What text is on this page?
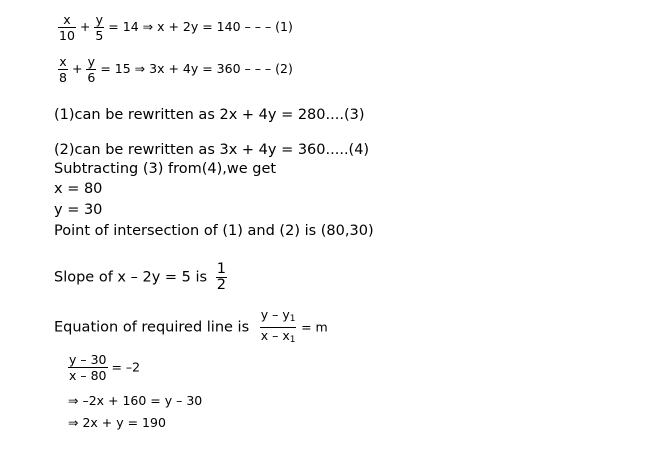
$\frac{x}{10} + \frac{y}{5} = 14$ ⇒ x + 2y = 140 – – – (1)
$\frac{x}{8} + \frac{y}{6} = 15$ ⇒ 3x + 4y = 360 – – – (2)
(1)can be rewritten as 2x + 4y = 280....(3)
(2)can be rewritten as 3x + 4y = 360.....(4)
Subtracting (3) from(4),we get
x = 80
y = 30
Point of intersection of (1) and (2) is (80,30)
Slope of x – 2y = 5 is $\frac{1}{2}$
Equation of required line is $\frac{y - y_1}{x - x_1} = m$
$\frac{y - 30}{x - 80} = -2$
⇒ –2x + 160 = y – 30
⇒ 2x + y = 190
